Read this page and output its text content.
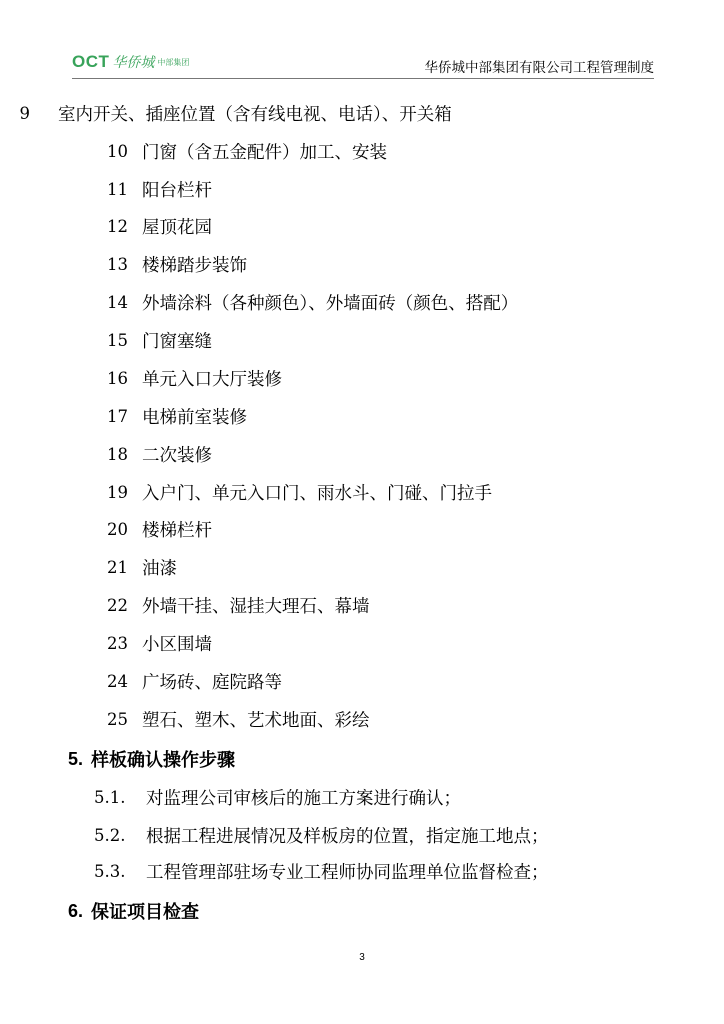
OCT 华侨城 中部集团	华侨城中部集团有限公司工程管理制度
9 室内开关、插座位置（含有线电视、电话）、开关箱
10 门窗（含五金配件）加工、安装
11 阳台栏杆
12 屋顶花园
13 楼梯踏步装饰
14 外墙涂料（各种颜色）、外墙面砖（颜色、搭配）
15 门窗塞缝
16 单元入口大厅装修
17 电梯前室装修
18 二次装修
19 入户门、单元入口门、雨水斗、门碰、门拉手
20 楼梯栏杆
21 油漆
22 外墙干挂、湿挂大理石、幕墙
23 小区围墙
24 广场砖、庭院路等
25 塑石、塑木、艺术地面、彩绘
5. 样板确认操作步骤
5.1.	对监理公司审核后的施工方案进行确认；
5.2.	根据工程进展情况及样板房的位置，指定施工地点；
5.3.	工程管理部驻场专业工程师协同监理单位监督检查；
6. 保证项目检查
3
